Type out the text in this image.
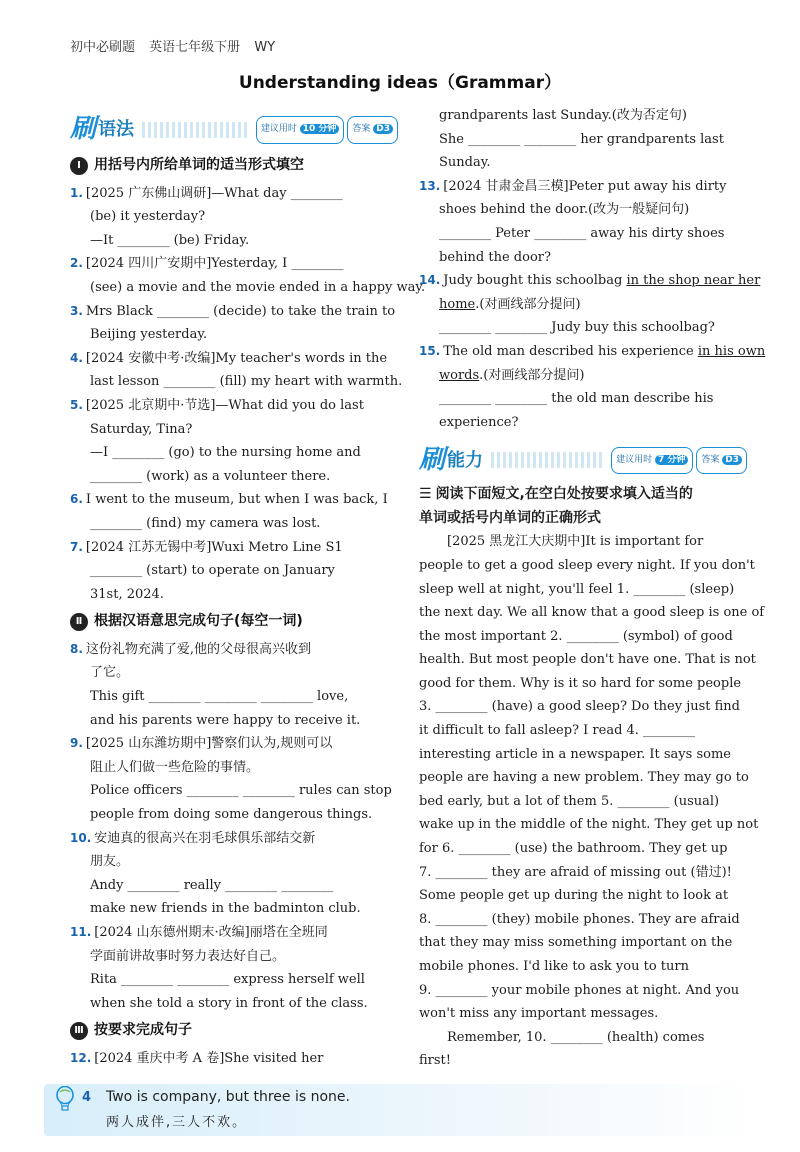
初中必刷题 英语七年级下册 WY
Understanding ideas（Grammar）
刷 语法	建议用时 10 分钟	答案 D3
Ⅰ 用括号内所给单词的适当形式填空
1. [2025 广东佛山调研]—What day ________
(be) it yesterday?
—It ________ (be) Friday.
2. [2024 四川广安期中]Yesterday, I ________
(see) a movie and the movie ended in a happy way.
3. Mrs Black ________ (decide) to take the train to
Beijing yesterday.
4. [2024 安徽中考·改编]My teacher's words in the
last lesson ________ (fill) my heart with warmth.
5. [2025 北京期中·节选]—What did you do last
Saturday, Tina?
—I ________ (go) to the nursing home and
________ (work) as a volunteer there.
6. I went to the museum, but when I was back, I
________ (find) my camera was lost.
7. [2024 江苏无锡中考]Wuxi Metro Line S1
________ (start) to operate on January
31st, 2024.
Ⅱ 根据汉语意思完成句子(每空一词)
8. 这份礼物充满了爱,他的父母很高兴收到
了它。
This gift ________ ________ ________ love,
and his parents were happy to receive it.
9. [2025 山东潍坊期中]警察们认为,规则可以
阻止人们做一些危险的事情。
Police officers ________ ________ rules can stop
people from doing some dangerous things.
10. 安迪真的很高兴在羽毛球俱乐部结交新
朋友。
Andy ________ really ________ ________
make new friends in the badminton club.
11. [2024 山东德州期末·改编]丽塔在全班同
学面前讲故事时努力表达好自己。
Rita ________ ________ express herself well
when she told a story in front of the class.
Ⅲ 按要求完成句子
12. [2024 重庆中考 A 卷]She visited her
grandparents last Sunday.(改为否定句)
She ________ ________ her grandparents last
Sunday.
13. [2024 甘肃金昌三模]Peter put away his dirty
shoes behind the door.(改为一般疑问句)
________ Peter ________ away his dirty shoes
behind the door?
14. Judy bought this schoolbag in the shop near her
home.(对画线部分提问)
________ ________ Judy buy this schoolbag?
15. The old man described his experience in his own
words.(对画线部分提问)
________ ________ the old man describe his
experience?
刷 能力	建议用时 7 分钟	答案 D3
☰ 阅读下面短文,在空白处按要求填入适当的
单词或括号内单词的正确形式
[2025 黑龙江大庆期中]It is important for
people to get a good sleep every night. If you don't
sleep well at night, you'll feel 1. ________ (sleep)
the next day. We all know that a good sleep is one of
the most important 2. ________ (symbol) of good
health. But most people don't have one. That is not
good for them. Why is it so hard for some people
3. ________ (have) a good sleep? Do they just find
it difficult to fall asleep? I read 4. ________
interesting article in a newspaper. It says some
people are having a new problem. They may go to
bed early, but a lot of them 5. ________ (usual)
wake up in the middle of the night. They get up not
for 6. ________ (use) the bathroom. They get up
7. ________ they are afraid of missing out (错过)!
Some people get up during the night to look at
8. ________ (they) mobile phones. They are afraid
that they may miss something important on the
mobile phones. I'd like to ask you to turn
9. ________ your mobile phones at night. And you
won't miss any important messages.
Remember, 10. ________ (health) comes
first!
4 Two is company, but three is none.
两人成伴,三人不欢。
